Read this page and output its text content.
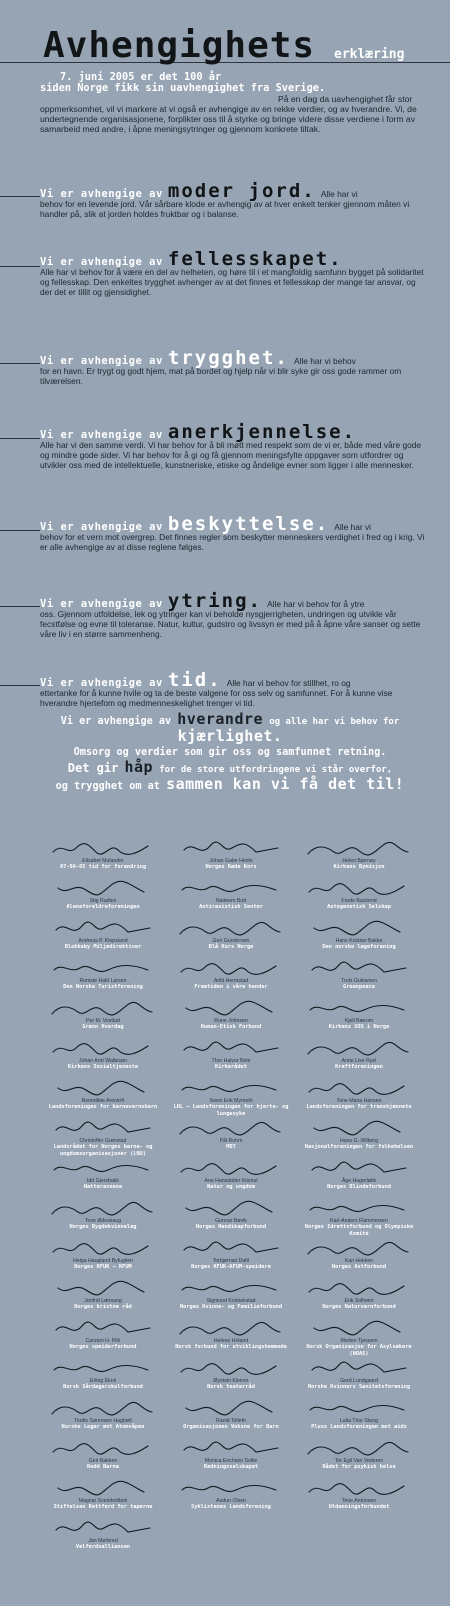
Avhengighets erklæring
7. juni 2005 er det 100 år
siden Norge fikk sin uavhengighet fra Sverige.
På en dag da uavhengighet får stor oppmerksomhet, vil vi markere at vi også er avhengige av en rekke verdier, og av hverandre. Vi, de undertegnende organisasjonene, forplikter oss til å styrke og bringe videre disse verdiene i form av samarbeid med andre, i åpne meningsytringer og gjennom konkrete tiltak.
Vi er avhengige av moder jord. Alle har vi
behov for en levende jord. Vår sårbare klode er avhengig av at hver enkelt tenker gjennom måten vi handler på, slik at jorden holdes fruktbar og i balanse.
Vi er avhengige av fellesskapet.
Alle har vi behov for å være en del av helheten, og høre til i et mangfoldig samfunn bygget på solidaritet og fellesskap. Den enkeltes trygghet avhenger av at det finnes et fellesskap der mange tar ansvar, og der det er tillit og gjensidighet.
Vi er avhengige av trygghet. Alle har vi behov
for en havn. Er trygt og godt hjem, mat på bordet og hjelp når vi blir syke gir oss gode rammer om tilværelsen.
Vi er avhengige av anerkjennelse.
Alle har vi den samme verdi. Vi har behov for å bli møtt med respekt som de vi er, både med våre gode og mindre gode sider. Vi har behov for å gi og få gjennom meningsfylte oppgaver som utfordrer og utvikler oss med de intellektuelle, kunstneriske, etiske og åndelige evner som ligger i alle mennesker.
Vi er avhengige av beskyttelse. Alle har vi
behov for et vern mot overgrep. Det finnes regler som beskytter menneskers verdighet i fred og i krig. Vi er alle avhengige av at disse reglene følges.
Vi er avhengige av ytring. Alle har vi behov for å ytre
oss. Gjennom utfoldelse, lek og ytringer kan vi beholde nysgjerrigheten, undringen og utvikle vår fecstfølse og evne til toleranse. Natur, kultur, gudstro og livssyn er med på å åpne våre sanser og sette våre liv i en større sammenheng.
Vi er avhengige av tid. Alle har vi behov for stillhet, ro og
ettertanke for å kunne hvile og ta de beste valgene for oss selv og samfunnet. For å kunne vise hverandre hjertefom og medmenneskelighet trenger vi tid.
Vi er avhengige av hverandre og alle har vi behov for kjærlighet.
Omsorg og verdier som gir oss og samfunnet retning.
Det gir håp for de store utfordringene vi står overfor,
og trygghet om at sammen kan vi få det til!
Elisabet Molander
07-06-05 tid for forandring
Johan Gabe Hedin
Norges Røde Kors
Helen Bjørnøy
Kirkens Bymisjon
Stig Radtes
Aleneforeldreforeningen
Nadeem Butt
Antirasistisk Senter
Frode Backend
Autogenetisk Selskap
Andreas P. Klepsland
Blokkeby Miljødirektiver
Geir Gundersen
Blå Kors Norge
Hans Kristian Bakke
Den norske lægeforening
Roniste Hald Larsen
Den Norske Turistforening
Arild Hermstad
Framtiden i våre hender
Truls Gulowsen
Greenpeace
Per M. Vestbøl
Grønn Hverdag
Rune Johnsen
Human-Etisk Forbund
Kjell Bærum
Kirkens SOS i Norge
Johan Arnt Walløsøn
Kirkens Sosialtjeneste
Thor Halvor Bele
Kirkerådet
Anne Lise Ryel
Kreftforeningen
Benedikte Arentoft
Landsforeningen for barnevernsbarn
Svein Erik Myrseth
LHL – Landsforeningen for hjerte- og lungesyke
Tone Maria Hansen
Landsforeningen for transkjønnete
Christoffer Grønstad
Landsrådet for Norges barne- og ungdomsorganisasjoner (LNU)
Pål Rohm
MOT
Hans G. Wilberg
Nasjonalforeningen for folkehelsen
Idd Gjersbakk
Natteravnene
Ane Hansdatter Kismul
Natur og ungdom
Åge Hagerløkk
Norges Blindeforbund
Tove Ødeskaug
Norges Bygdekvinnelag
Gunnar Bøvik
Norges Handikapforbund
Karl-Anders Flammersen
Norges Idrettsforbund og Olympiske Komité
Helga Haugland Byfuglien
Norges KFUK – KFUM
Torbjørnas Dahl
Norges KFUK-KFUM-speidere
Kari Hekken
Norges Astforbund
Jonfrid Lærsang
Norges kristne råd
Sigmund Kvebekstad
Norges Kvinne- og Familieforbund
Erik Solheim
Norges Naturvernforbund
Carsten H. Pihl
Norges speiderforbund
Helene Holand
Norsk forbund for utviklingshemmede
Morten Tjessem
Norsk Organisasjon for Asylsøkere (NOAS)
Erling Eknli
Norsk Sårdagerskolforbund
Øystein Kleiner
Norsk teaterråd
Gerd Lundgaard
Norske Kvinners Sanitetsforening
Tordis Sørensen Hagbøtt
Norske Leger mot Atomvåpen
Randi Tolleth
Organisasjonen Voksne for Barn
Laila Thor Steng
Pluss Landsforeningen mot aids
Geir Bakken
Redd Barna
Monica Erichsen Sollie
Redningsselskapet
Tor Egil Van Vederen
Rådet for psykisk helse
Magnar Sveinholtbek
Stiftelsen Rettferd for taperne
Audun Olsen
Syklistenes Landsforening
Terje Antonsen
Utdanningsforbundet
Jan Mørbred
Velferdsalliansen
